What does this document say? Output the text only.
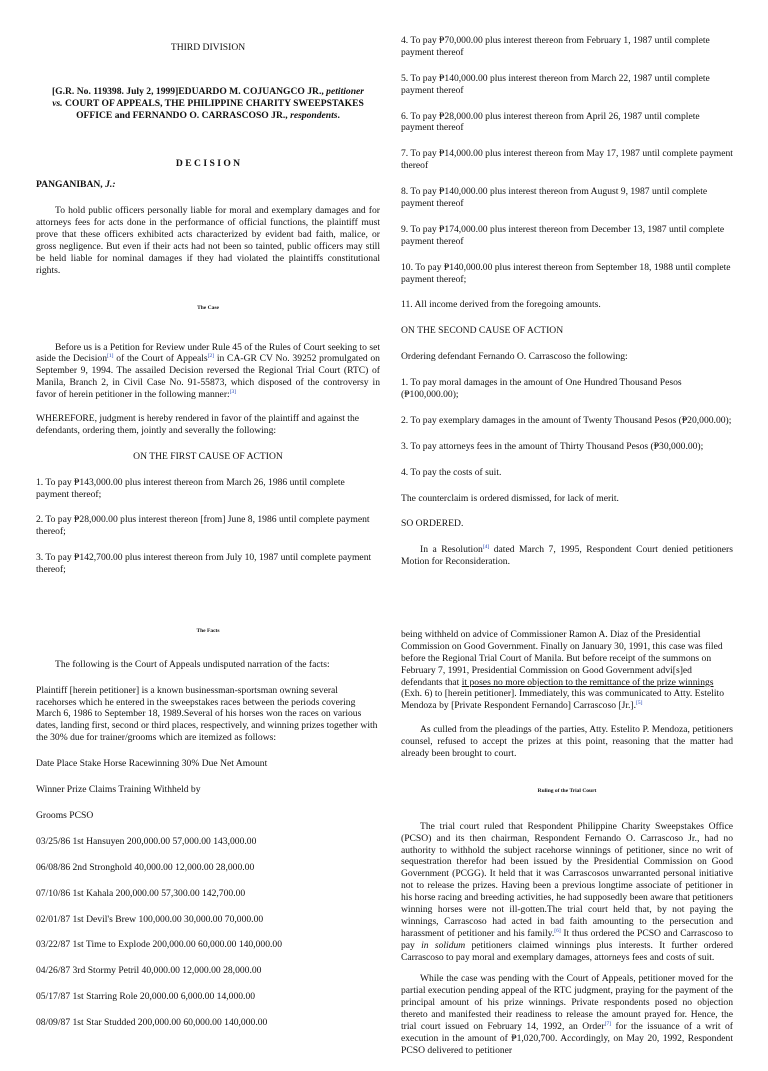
THIRD DIVISION

[G.R. No. 119398. July 2, 1999]EDUARDO M. COJUANGCO JR., petitioner vs. COURT OF APPEALS, THE PHILIPPINE CHARITY SWEEPSTAKES OFFICE and FERNANDO O. CARRASCOSO JR., respondents.

D E C I S I O N

PANGANIBAN, J.:

To hold public officers personally liable for moral and exemplary damages and for attorneys fees for acts done in the performance of official functions, the plaintiff must prove that these officers exhibited acts characterized by evident bad faith, malice, or gross negligence. But even if their acts had not been so tainted, public officers may still be held liable for nominal damages if they had violated the plaintiffs constitutional rights.

The Case

Before us is a Petition for Review under Rule 45 of the Rules of Court seeking to set aside the Decision[1] of the Court of Appeals[2] in CA-GR CV No. 39252 promulgated on September 9, 1994. The assailed Decision reversed the Regional Trial Court (RTC) of Manila, Branch 2, in Civil Case No. 91-55873, which disposed of the controversy in favor of herein petitioner in the following manner:[3]

WHEREFORE, judgment is hereby rendered in favor of the plaintiff and against the defendants, ordering them, jointly and severally the following:

ON THE FIRST CAUSE OF ACTION

1. To pay ₱143,000.00 plus interest thereon from March 26, 1986 until complete payment thereof;

2. To pay ₱28,000.00 plus interest thereon [from] June 8, 1986 until complete payment thereof;

3. To pay ₱142,700.00 plus interest thereon from July 10, 1987 until complete payment thereof;

4. To pay ₱70,000.00 plus interest thereon from February 1, 1987 until complete payment thereof

5. To pay ₱140,000.00 plus interest thereon from March 22, 1987 until complete payment thereof

6. To pay ₱28,000.00 plus interest thereon from April 26, 1987 until complete payment thereof

7. To pay ₱14,000.00 plus interest thereon from May 17, 1987 until complete payment thereof

8. To pay ₱140,000.00 plus interest thereon from August 9, 1987 until complete payment thereof

9. To pay ₱174,000.00 plus interest thereon from December 13, 1987 until complete payment thereof

10. To pay ₱140,000.00 plus interest thereon from September 18, 1988 until complete payment thereof;

11. All income derived from the foregoing amounts.

ON THE SECOND CAUSE OF ACTION

Ordering defendant Fernando O. Carrascoso the following:

1. To pay moral damages in the amount of One Hundred Thousand Pesos (₱100,000.00);

2. To pay exemplary damages in the amount of Twenty Thousand Pesos (₱20,000.00);

3. To pay attorneys fees in the amount of Thirty Thousand Pesos (₱30,000.00);

4. To pay the costs of suit.

The counterclaim is ordered dismissed, for lack of merit.

SO ORDERED.

In a Resolution[4] dated March 7, 1995, Respondent Court denied petitioners Motion for Reconsideration.

The Facts

The following is the Court of Appeals undisputed narration of the facts:

Plaintiff [herein petitioner] is a known businessman-sportsman owning several racehorses which he entered in the sweepstakes races between the periods covering March 6, 1986 to September 18, 1989.Several of his horses won the races on various dates, landing first, second or third places, respectively, and winning prizes together with the 30% due for trainer/grooms which are itemized as follows:

Date Place Stake Horse Racewinning 30% Due Net Amount

Winner Prize Claims Training Withheld by

Grooms PCSO

03/25/86 1st Hansuyen 200,000.00 57,000.00 143,000.00

06/08/86 2nd Stronghold 40,000.00 12,000.00 28,000.00

07/10/86 1st Kahala 200,000.00 57,300.00 142,700.00

02/01/87 1st Devil's Brew 100,000.00 30,000.00 70,000.00

03/22/87 1st Time to Explode 200,000.00 60,000.00 140,000.00

04/26/87 3rd Stormy Petril 40,000.00 12,000.00 28,000.00

05/17/87 1st Starring Role 20,000.00 6,000.00 14,000.00

08/09/87 1st Star Studded 200,000.00 60,000.00 140,000.00

being withheld on advice of Commissioner Ramon A. Diaz of the Presidential Commission on Good Government. Finally on January 30, 1991, this case was filed before the Regional Trial Court of Manila. But before receipt of the summons on February 7, 1991, Presidential Commission on Good Government advi[s]ed defendants that it poses no more objection to the remittance of the prize winnings (Exh. 6) to [herein petitioner]. Immediately, this was communicated to Atty. Estelito Mendoza by [Private Respondent Fernando] Carrascoso [Jr.].[5]

As culled from the pleadings of the parties, Atty. Estelito P. Mendoza, petitioners counsel, refused to accept the prizes at this point, reasoning that the matter had already been brought to court.

Ruling of the Trial Court

The trial court ruled that Respondent Philippine Charity Sweepstakes Office (PCSO) and its then chairman, Respondent Fernando O. Carrascoso Jr., had no authority to withhold the subject racehorse winnings of petitioner, since no writ of sequestration therefor had been issued by the Presidential Commission on Good Government (PCGG). It held that it was Carrascosos unwarranted personal initiative not to release the prizes. Having been a previous longtime associate of petitioner in his horse racing and breeding activities, he had supposedly been aware that petitioners winning horses were not ill-gotten.The trial court held that, by not paying the winnings, Carrascoso had acted in bad faith amounting to the persecution and harassment of petitioner and his family.[6] It thus ordered the PCSO and Carrascoso to pay in solidum petitioners claimed winnings plus interests. It further ordered Carrascoso to pay moral and exemplary damages, attorneys fees and costs of suit.

While the case was pending with the Court of Appeals, petitioner moved for the partial execution pending appeal of the RTC judgment, praying for the payment of the principal amount of his prize winnings. Private respondents posed no objection thereto and manifested their readiness to release the amount prayed for. Hence, the trial court issued on February 14, 1992, an Order[7] for the issuance of a writ of execution in the amount of ₱1,020,700. Accordingly, on May 20, 1992, Respondent PCSO delivered to petitioner
